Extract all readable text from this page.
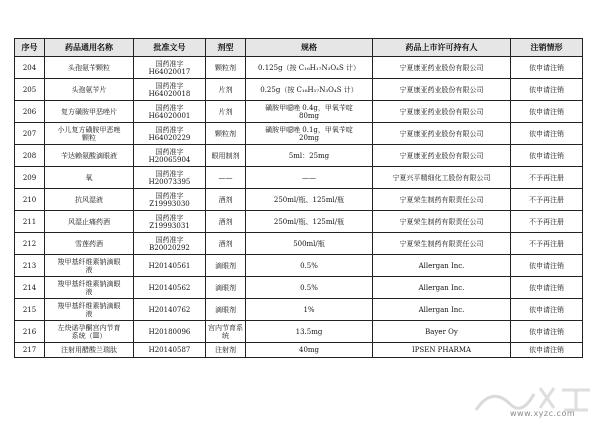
序号	药品通用名称	批准文号	剂型	规格	药品上市许可持有人	注销情形
204	头孢氨苄颗粒	国药准字
H64020017	颗粒剂	0.125g（按 C₁₆H₁₇N₃O₄S 计）	宁夏康亚药业股份有限公司	依申请注销
205	头孢氨苄片	国药准字
H64020018	片剂	0.25g（按 C₁₆H₁₇N₃O₄S 计）	宁夏康亚药业股份有限公司	依申请注销
206	复方磺胺甲恶唑片	国药准字
H64020001	片剂	磺胺甲噁唑 0.4g，甲氧苄啶
80mg	宁夏康亚药业股份有限公司	依申请注销
207	小儿复方磺胺甲恶唑
颗粒	国药准字
H64020229	颗粒剂	磺胺甲噁唑 0.1g，甲氧苄啶
20mg	宁夏康亚药业股份有限公司	依申请注销
208	苄达赖氨酸滴眼液	国药准字
H20065904	眼用制剂	5ml：25mg	宁夏康亚药业股份有限公司	依申请注销
209	氧	国药准字
H20073395	——	——	宁夏兴平精细化工股份有限公司	不予再注册
210	抗风湿液	国药准字
Z19993030	酒剂	250ml/瓶、125ml/瓶	宁夏荣生制药有限责任公司	不予再注册
211	风湿止痛药酒	国药准字
Z19993031	酒剂	250ml/瓶、125ml/瓶	宁夏荣生制药有限责任公司	不予再注册
212	雪莲药酒	国药准字
B20020292	酒剂	500ml/瓶	宁夏荣生制药有限责任公司	不予再注册
213	羧甲基纤维素钠滴眼
液	H20140561	滴眼剂	0.5%	Allergan Inc.	依申请注销
214	羧甲基纤维素钠滴眼
液	H20140562	滴眼剂	0.5%	Allergan Inc.	依申请注销
215	羧甲基纤维素钠滴眼
液	H20140762	滴眼剂	1%	Allergan Inc.	依申请注销
216	左炔诺孕酮宫内节育
系统（Ⅲ）	H20180096	宫内节育系
统	13.5mg	Bayer Oy	依申请注销
217	注射用醋酸兰瑞肽	H20140587	注射剂	40mg	IPSEN PHARMA	依申请注销
www.xyzc.com
